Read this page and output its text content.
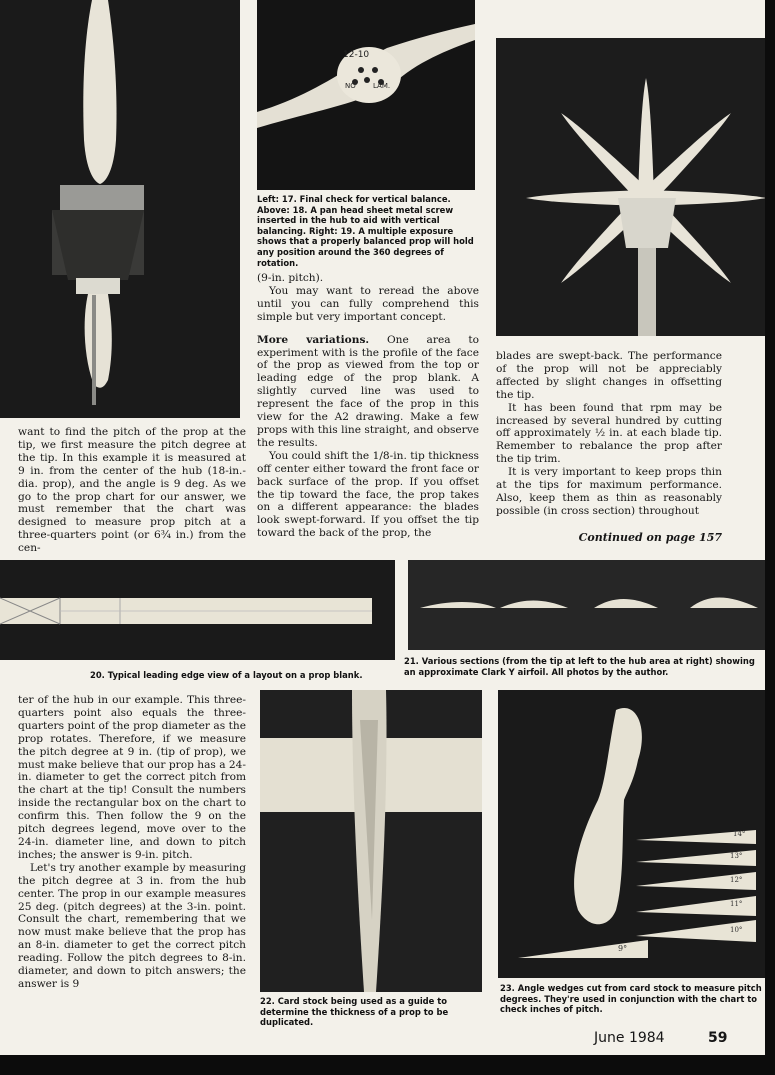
12-10
NO LAM.
Left: 17. Final check for vertical balance. Above: 18. A pan head sheet metal screw inserted in the hub to aid with vertical balancing. Right: 19. A multiple exposure shows that a properly balanced prop will hold any position around the 360 degrees of rotation.

want to find the pitch of the prop at the tip, we first measure the pitch degree at the tip. In this example it is measured at 9 in. from the center of the hub (18-in.-dia. prop), and the angle is 9 deg. As we go to the prop chart for our answer, we must remember that the chart was designed to measure prop pitch at a three-quarters point (or 6¾ in.) from the cen-

(9-in. pitch).

You may want to reread the above until you can fully comprehend this simple but very important concept.

More variations. One area to experiment with is the profile of the face of the prop as viewed from the top or leading edge of the prop blank. A slightly curved line was used to represent the face of the prop in this view for the A2 drawing. Make a few props with this line straight, and observe the results.

You could shift the 1/8-in. tip thickness off center either toward the front face or back surface of the prop. If you offset the tip toward the face, the prop takes on a different appearance: the blades look swept-forward. If you offset the tip toward the back of the prop, the

blades are swept-back. The performance of the prop will not be appreciably affected by slight changes in offsetting the tip.

It has been found that rpm may be increased by several hundred by cutting off approximately ½ in. at each blade tip. Remember to rebalance the prop after the tip trim.

It is very important to keep props thin at the tips for maximum performance. Also, keep them as thin as reasonably possible (in cross section) throughout

Continued on page 157
20. Typical leading edge view of a layout on a prop blank.
21. Various sections (from the tip at left to the hub area at right) showing an approximate Clark Y airfoil. All photos by the author.

ter of the hub in our example. This three-quarters point also equals the three-quarters point of the prop diameter as the prop rotates. Therefore, if we measure the pitch degree at 9 in. (tip of prop), we must make believe that our prop has a 24-in. diameter to get the correct pitch from the chart at the tip! Consult the numbers inside the rectangular box on the chart to confirm this. Then follow the 9 on the pitch degrees legend, move over to the 24-in. diameter line, and down to pitch inches; the answer is 9-in. pitch.

Let's try another example by measuring the pitch degree at 3 in. from the hub center. The prop in our example measures 25 deg. (pitch degrees) at the 3-in. point. Consult the chart, remembering that we now must make believe that the prop has an 8-in. diameter to get the correct pitch reading. Follow the pitch degrees to 8-in. diameter, and down to pitch answers; the answer is 9

22. Card stock being used as a guide to determine the thickness of a prop to be duplicated.
14°
13°
12°
11°
10°
9°
23. Angle wedges cut from card stock to measure pitch degrees. They're used in conjunction with the chart to check inches of pitch.
June 1984	59
